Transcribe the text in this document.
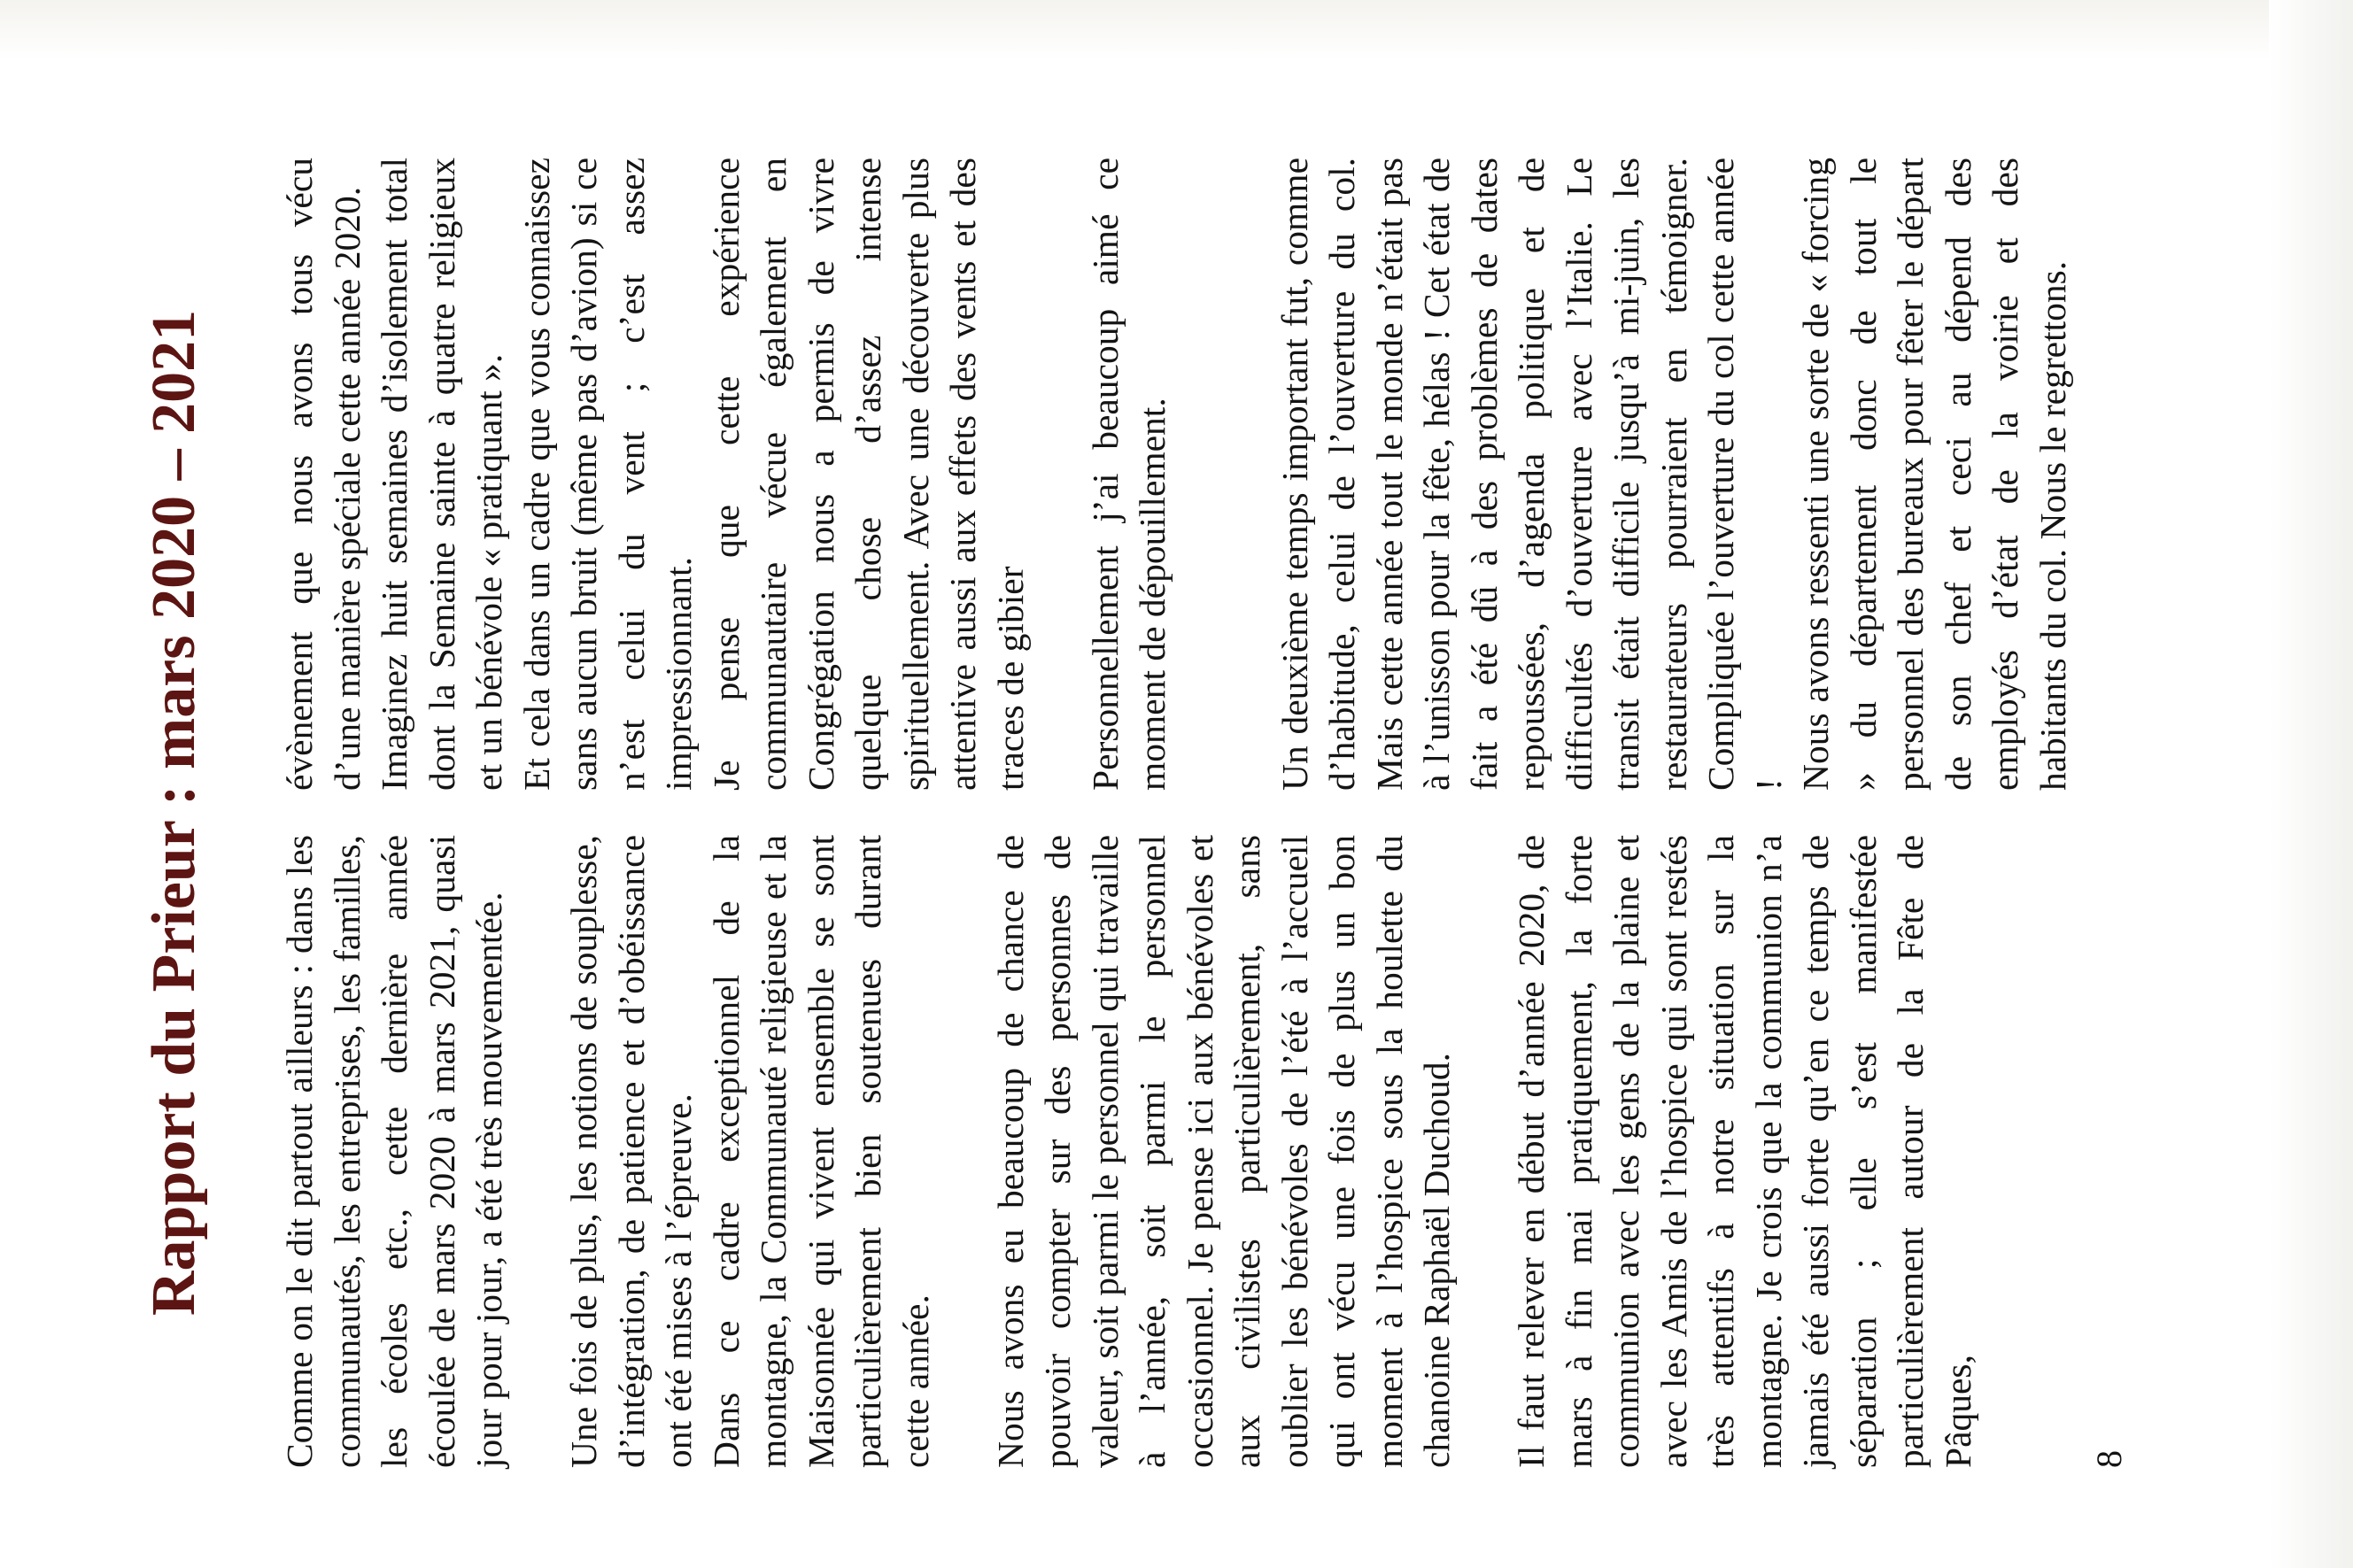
Rapport du Prieur : mars 2020 – 2021 Comme on le dit partout ailleurs : dans les communautés, les entreprises, les familles, les écoles etc., cette dernière année écoulée de mars 2020 à mars 2021, quasi jour pour jour, a été très mouvementée. Une fois de plus, les notions de souplesse, d’intégration, de patience et d’obéissance ont été mises à l’épreuve. Dans ce cadre exceptionnel de la montagne, la Communauté religieuse et la Maisonnée qui vivent ensemble se sont particulièrement bien soutenues durant cette année. Nous avons eu beaucoup de chance de pouvoir compter sur des personnes de valeur, soit parmi le personnel qui travaille à l’année, soit parmi le personnel occasionnel. Je pense ici aux bénévoles et aux civilistes particulièrement, sans oublier les bénévoles de l’été à l’accueil qui ont vécu une fois de plus un bon moment à l’hospice sous la houlette du chanoine Raphaël Duchoud. Il faut relever en début d’année 2020, de mars à fin mai pratiquement, la forte communion avec les gens de la plaine et avec les Amis de l’hospice qui sont restés très attentifs à notre situation sur la montagne. Je crois que la communion n’a jamais été aussi forte qu’en ce temps de séparation ; elle s’est manifestée particulièrement autour de la Fête de Pâques,

évènement que nous avons tous vécu d’une manière spéciale cette année 2020. Imaginez huit semaines d’isolement total dont la Semaine sainte à quatre religieux et un bénévole « pratiquant ». Et cela dans un cadre que vous connaissez sans aucun bruit (même pas d’avion) si ce n’est celui du vent ; c’est assez impressionnant. Je pense que cette expérience communautaire vécue également en Congrégation nous a permis de vivre quelque chose d’assez intense spirituellement. Avec une découverte plus attentive aussi aux effets des vents et des traces de gibier Personnellement j’ai beaucoup aimé ce moment de dépouillement.	Un deuxième temps important fut, comme d’habitude, celui de l’ouverture du col. Mais cette année tout le monde n’était pas à l’unisson pour la fête, hélas ! Cet état de fait a été dû à des problèmes de dates repoussées, d’agenda politique et de difficultés d’ouverture avec l’Italie. Le transit était difficile jusqu’à mi-juin, les restaurateurs pourraient en témoigner. Compliquée l’ouverture du col cette année ! Nous avons ressenti une sorte de « forcing » du département donc de tout le personnel des bureaux pour fêter le départ de son chef et ceci au dépend des employés d’état de la voirie et des habitants du col. Nous le regrettons.

8
